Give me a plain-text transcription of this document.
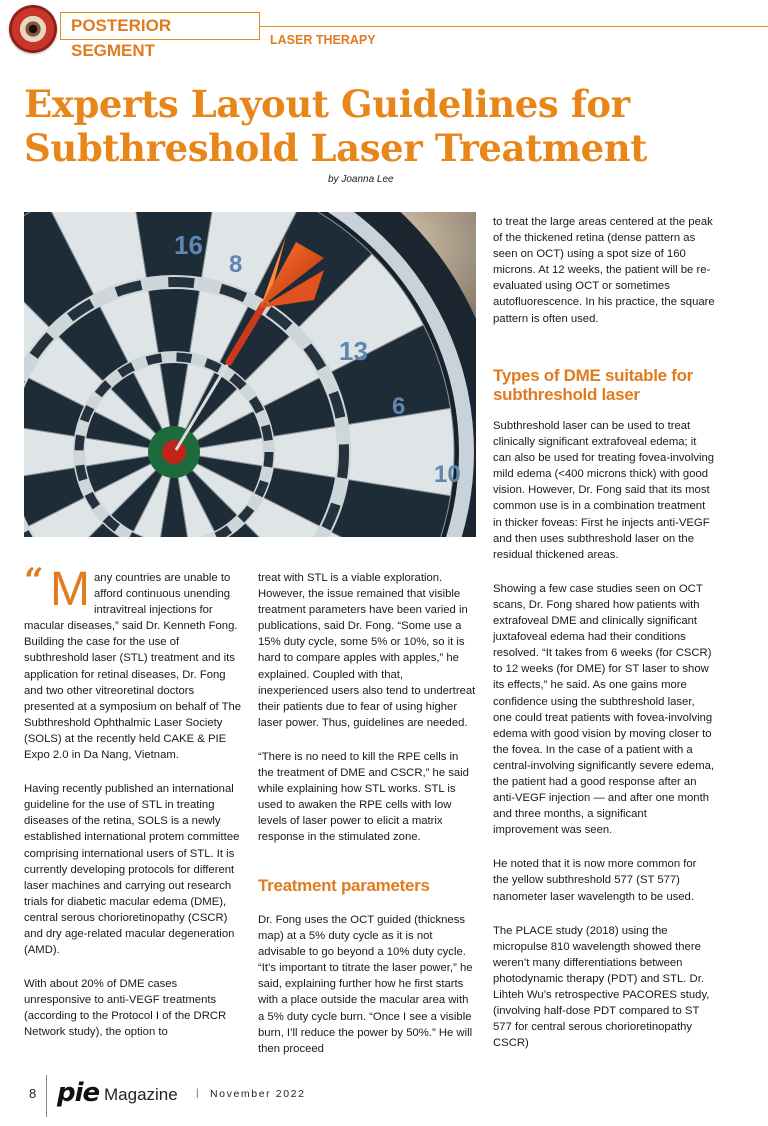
POSTERIOR SEGMENT
LASER THERAPY
Experts Layout Guidelines for
Subthreshold Laser Treatment
by Joanna Lee
16
8
13
6
10
“ M any countries are unable to
afford continuous unending
intravitreal injections for

macular diseases,” said Dr. Kenneth Fong. Building the case for the use of subthreshold laser (STL) treatment and its application for retinal diseases, Dr. Fong and two other vitreoretinal doctors presented at a symposium on behalf of The Subthreshold Ophthalmic Laser Society (SOLS) at the recently held CAKE & PIE Expo 2.0 in Da Nang, Vietnam.

Having recently published an international guideline for the use of STL in treating diseases of the retina, SOLS is a newly established international protem committee comprising international users of STL. It is currently developing protocols for different laser machines and carrying out research trials for diabetic macular edema (DME), central serous chorioretinopathy (CSCR) and dry age-related macular degeneration (AMD).

With about 20% of DME cases unresponsive to anti-VEGF treatments (according to the Protocol I of the DRCR Network study), the option to

treat with STL is a viable exploration. However, the issue remained that visible treatment parameters have been varied in publications, said Dr. Fong. “Some use a 15% duty cycle, some 5% or 10%, so it is hard to compare apples with apples,” he explained. Coupled with that, inexperienced users also tend to undertreat their patients due to fear of using higher laser power. Thus, guidelines are needed.

“There is no need to kill the RPE cells in the treatment of DME and CSCR,” he said while explaining how STL works. STL is used to awaken the RPE cells with low levels of laser power to elicit a matrix response in the stimulated zone.

Treatment parameters

Dr. Fong uses the OCT guided (thickness map) at a 5% duty cycle as it is not advisable to go beyond a 10% duty cycle. “It’s important to titrate the laser power,” he said, explaining further how he first starts with a place outside the macular area with a 5% duty cycle burn. “Once I see a visible burn, I’ll reduce the power by 50%.” He will then proceed

to treat the large areas centered at the peak of the thickened retina (dense pattern as seen on OCT) using a spot size of 160 microns. At 12 weeks, the patient will be re-evaluated using OCT or sometimes autofluorescence. In his practice, the square pattern is often used.

Types of DME suitable for subthreshold laser

Subthreshold laser can be used to treat clinically significant extrafoveal edema; it can also be used for treating fovea-involving mild edema (<400 microns thick) with good vision. However, Dr. Fong said that its most common use is in a combination treatment in thicker foveas: First he injects anti-VEGF and then uses subthreshold laser on the residual thickened areas.

Showing a few case studies seen on OCT scans, Dr. Fong shared how patients with extrafoveal DME and clinically significant juxtafoveal edema had their conditions resolved. “It takes from 6 weeks (for CSCR) to 12 weeks (for DME) for ST laser to show its effects,” he said. As one gains more confidence using the subthreshold laser, one could treat patients with fovea-involving edema with good vision by moving closer to the fovea. In the case of a patient with a central-involving significantly severe edema, the patient had a good response after an anti-VEGF injection — and after one month and three months, a significant improvement was seen.

He noted that it is now more common for the yellow subthreshold 577 (ST 577) nanometer laser wavelength to be used.

The PLACE study (2018) using the micropulse 810 wavelength showed there weren’t many differentiations between photodynamic therapy (PDT) and STL. Dr. Lihteh Wu’s retrospective PACORES study, (involving half-dose PDT compared to ST 577 for central serous chorioretinopathy CSCR)

8 pie Magazine | November 2022
